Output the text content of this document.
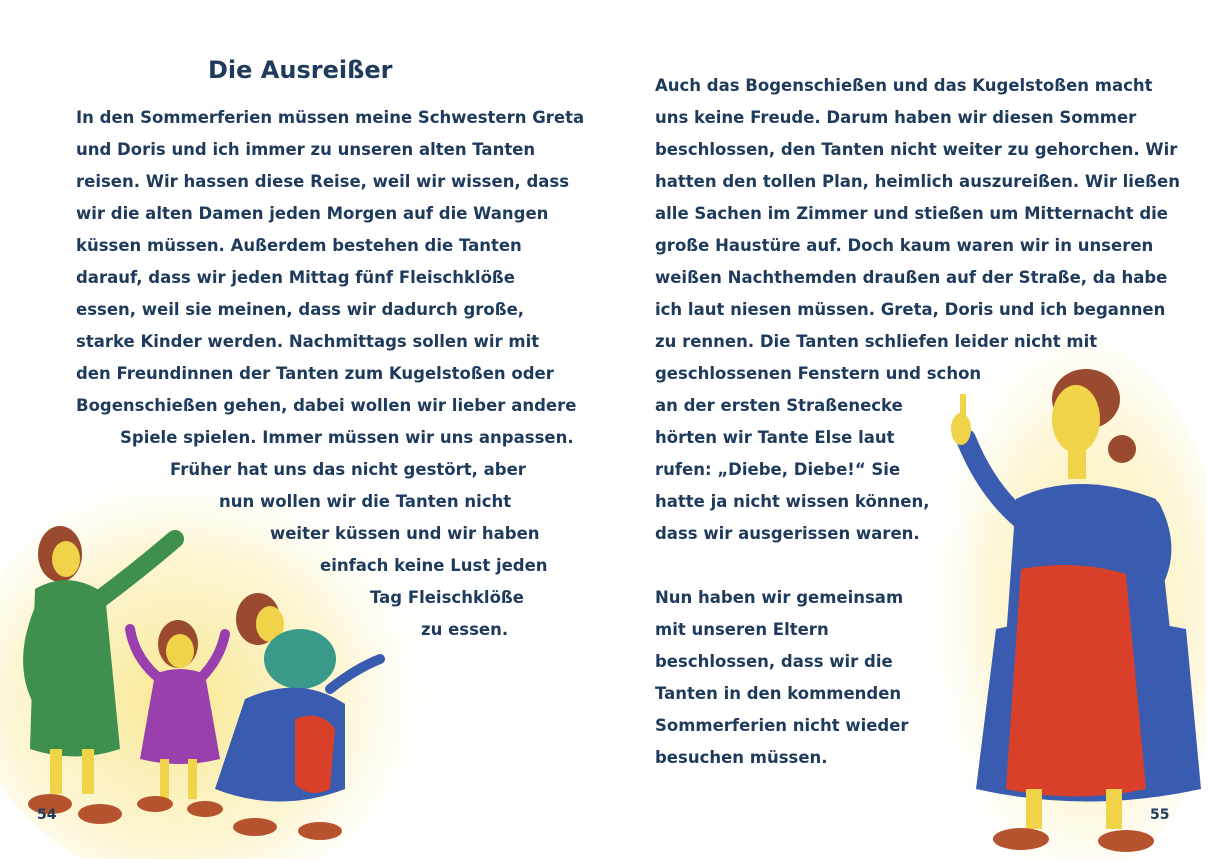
Die Ausreißer
In den Sommerferien müssen meine Schwestern Greta
und Doris und ich immer zu unseren alten Tanten
reisen. Wir hassen diese Reise, weil wir wissen, dass
wir die alten Damen jeden Morgen auf die Wangen
küssen müssen. Außerdem bestehen die Tanten
darauf, dass wir jeden Mittag fünf Fleischklöße
essen, weil sie meinen, dass wir dadurch große,
starke Kinder werden. Nachmittags sollen wir mit
den Freundinnen der Tanten zum Kugelstoßen oder
Bogenschießen gehen, dabei wollen wir lieber andere
Spiele spielen. Immer müssen wir uns anpassen.
Früher hat uns das nicht gestört, aber
nun wollen wir die Tanten nicht
weiter küssen und wir haben
einfach keine Lust jeden
Tag Fleischklöße
zu essen.
54
Auch das Bogenschießen und das Kugelstoßen macht
uns keine Freude. Darum haben wir diesen Sommer
beschlossen, den Tanten nicht weiter zu gehorchen. Wir
hatten den tollen Plan, heimlich auszureißen. Wir ließen
alle Sachen im Zimmer und stießen um Mitternacht die
große Haustüre auf. Doch kaum waren wir in unseren
weißen Nachthemden draußen auf der Straße, da habe
ich laut niesen müssen. Greta, Doris und ich begannen
zu rennen. Die Tanten schliefen leider nicht mit
geschlossenen Fenstern und schon
an der ersten Straßenecke
hörten wir Tante Else laut
rufen: „Diebe, Diebe!“ Sie
hatte ja nicht wissen können,
dass wir ausgerissen waren.
Nun haben wir gemeinsam
mit unseren Eltern
beschlossen, dass wir die
Tanten in den kommenden
Sommerferien nicht wieder
besuchen müssen.
55
